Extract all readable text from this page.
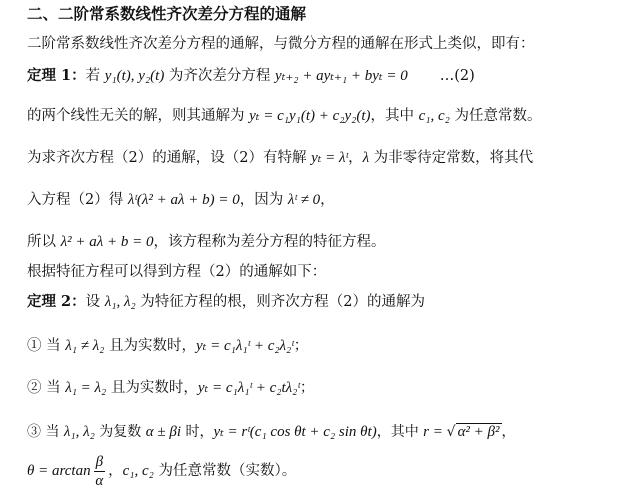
二、二阶常系数线性齐次差分方程的通解
二阶常系数线性齐次差分方程的通解，与微分方程的通解在形式上类似，即有：
定理 1：若 y₁(t), y₂(t) 为齐次差分方程 yₜ₊₂ + ayₜ₊₁ + byₜ = 0 …(2)
的两个线性无关的解，则其通解为 yₜ = c₁y₁(t) + c₂y₂(t)，其中 c₁, c₂ 为任意常数。
为求齐次方程（2）的通解，设（2）有特解 yₜ = λᵗ，λ 为非零待定常数，将其代
入方程（2）得 λᵗ(λ² + aλ + b) = 0，因为 λᵗ ≠ 0，
所以 λ² + aλ + b = 0，该方程称为差分方程的特征方程。
根据特征方程可以得到方程（2）的通解如下：
定理 2：设 λ₁, λ₂ 为特征方程的根，则齐次方程（2）的通解为
① 当 λ₁ ≠ λ₂ 且为实数时，yₜ = c₁λ₁ᵗ + c₂λ₂ᵗ；
② 当 λ₁ = λ₂ 且为实数时，yₜ = c₁λ₁ᵗ + c₂tλ₂ᵗ；
③ 当 λ₁, λ₂ 为复数 α ± βi 时，yₜ = rᵗ(c₁ cos θt + c₂ sin θt)，其中 r = √ α² + β² ，
$\theta = \arctan \frac{\beta}{\alpha}$ ，c₁, c₂ 为任意常数（实数）。
